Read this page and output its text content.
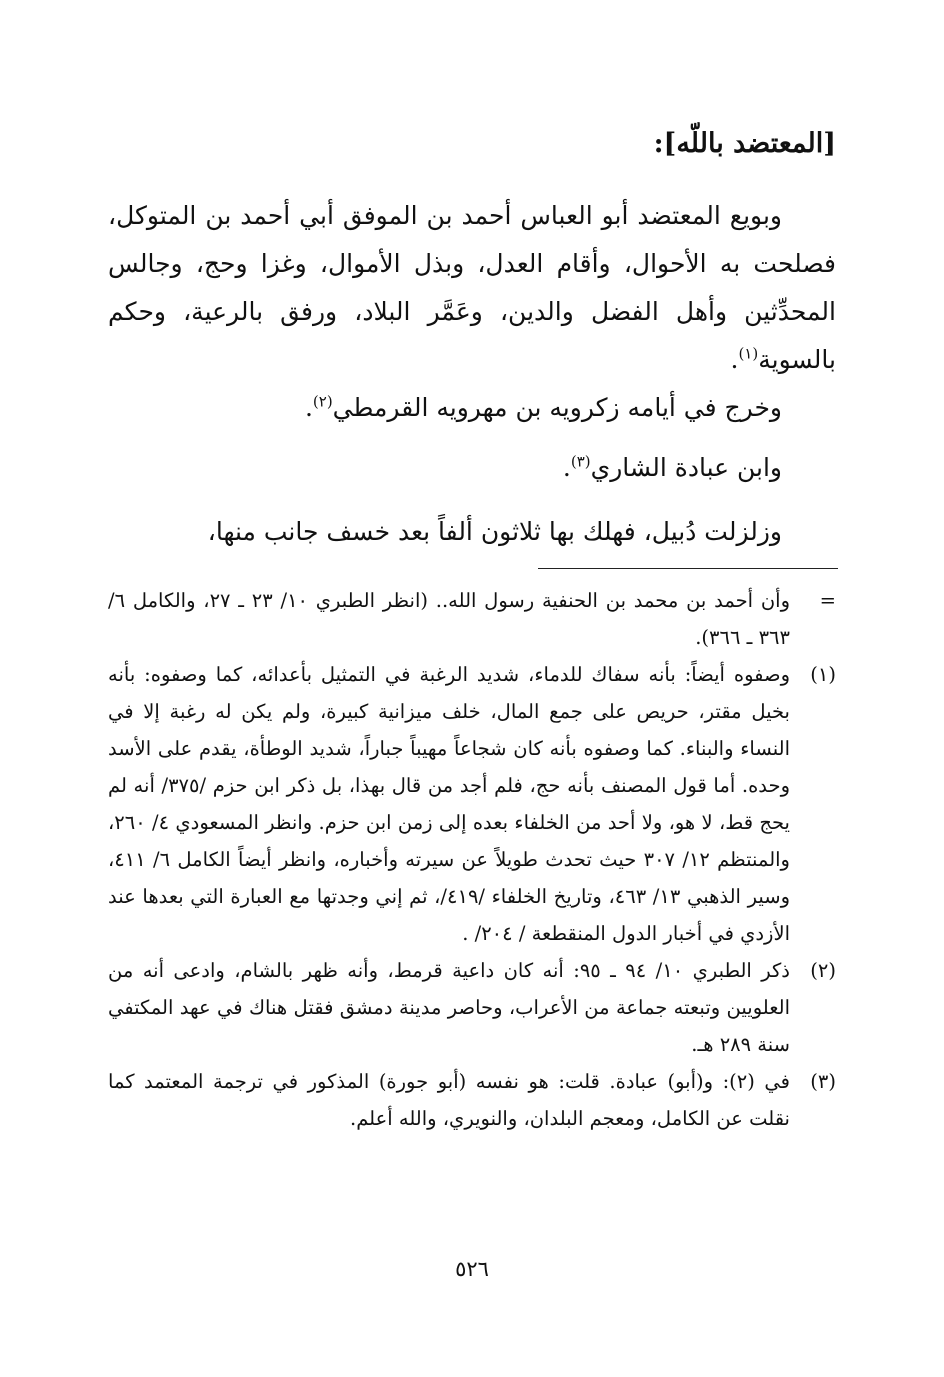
[المعتضد باللّه]:
وبويع المعتضد أبو العباس أحمد بن الموفق أبي أحمد بن المتوكل، فصلحت به الأحوال، وأقام العدل، وبذل الأموال، وغزا وحج، وجالس المحدِّثين وأهل الفضل والدين، وعَمَّر البلاد، ورفق بالرعية، وحكم بالسوية$^{(١)}$.
وخرج في أيامه زكرويه بن مهرويه القرمطي$^{(٢)}$.
وابن عبادة الشاري$^{(٣)}$.
وزلزلت دُبيل، فهلك بها ثلاثون ألفاً بعد خسف جانب منها،
=
وأن أحمد بن محمد بن الحنفية رسول الله.. (انظر الطبري ١٠/ ٢٣ ـ ٢٧، والكامل ٦/ ٣٦٣ ـ ٣٦٦).
(١)
وصفوه أيضاً: بأنه سفاك للدماء، شديد الرغبة في التمثيل بأعدائه، كما وصفوه: بأنه بخيل مقتر، حريص على جمع المال، خلف ميزانية كبيرة، ولم يكن له رغبة إلا في النساء والبناء. كما وصفوه بأنه كان شجاعاً مهيباً جباراً، شديد الوطأة، يقدم على الأسد وحده. أما قول المصنف بأنه حج، فلم أجد من قال بهذا، بل ذكر ابن حزم /٣٧٥/ أنه لم يحج قط، لا هو، ولا أحد من الخلفاء بعده إلى زمن ابن حزم. وانظر المسعودي ٤/ ٢٦٠، والمنتظم ١٢/ ٣٠٧ حيث تحدث طويلاً عن سيرته وأخباره، وانظر أيضاً الكامل ٦/ ٤١١، وسير الذهبي ١٣/ ٤٦٣، وتاريخ الخلفاء /٤١٩/، ثم إني وجدتها مع العبارة التي بعدها عند الأزدي في أخبار الدول المنقطعة / ٢٠٤/ .
(٢)
ذكر الطبري ١٠/ ٩٤ ـ ٩٥: أنه كان داعية قرمط، وأنه ظهر بالشام، وادعى أنه من العلويين وتبعته جماعة من الأعراب، وحاصر مدينة دمشق فقتل هناك في عهد المكتفي سنة ٢٨٩ هـ.
(٣)
في (٢): و(أبو) عبادة. قلت: هو نفسه (أبو جورة) المذكور في ترجمة المعتمد كما نقلت عن الكامل، ومعجم البلدان، والنويري، والله أعلم.
٥٢٦
